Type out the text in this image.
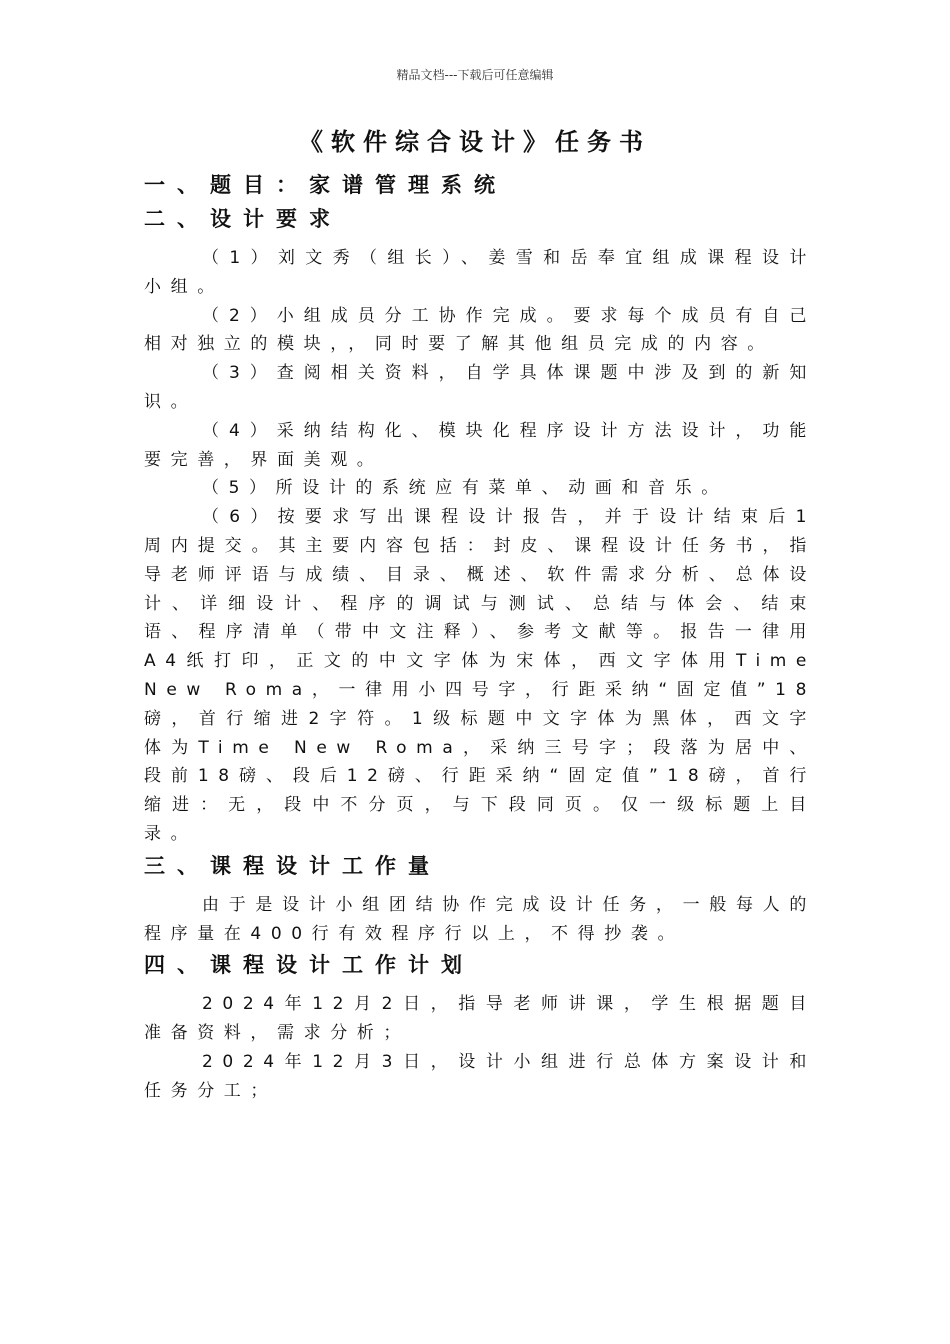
精品文档---下载后可任意编辑
《软件综合设计》任务书
一、题目：家谱管理系统
二、设计要求

（1）刘文秀（组长）、姜雪和岳奉宜组成课程设计小组。

（2）小组成员分工协作完成。要求每个成员有自己相对独立的模块，，同时要了解其他组员完成的内容。

（3）查阅相关资料，自学具体课题中涉及到的新知识。

（4）采纳结构化、模块化程序设计方法设计，功能要完善，界面美观。

（5）所设计的系统应有菜单、动画和音乐。

（6）按要求写出课程设计报告，并于设计结束后1周内提交。其主要内容包括：封皮、课程设计任务书，指导老师评语与成绩、目录、概述、软件需求分析、总体设计、详细设计、程序的调试与测试、总结与体会、结束语、程序清单（带中文注释）、参考文献等。报告一律用A4纸打印，正文的中文字体为宋体，西文字体用Time New Roma，一律用小四号字，行距采纳“固定值”18磅，首行缩进2字符。1级标题中文字体为黑体，西文字体为Time New Roma，采纳三号字；段落为居中、段前18磅、段后12磅、行距采纳“固定值”18磅，首行缩进：无，段中不分页，与下段同页。仅一级标题上目录。

三、课程设计工作量

由于是设计小组团结协作完成设计任务，一般每人的程序量在400行有效程序行以上，不得抄袭。

四、课程设计工作计划

2024年12月2日，指导老师讲课，学生根据题目准备资料，需求分析；

2024年12月3日，设计小组进行总体方案设计和任务分工；
